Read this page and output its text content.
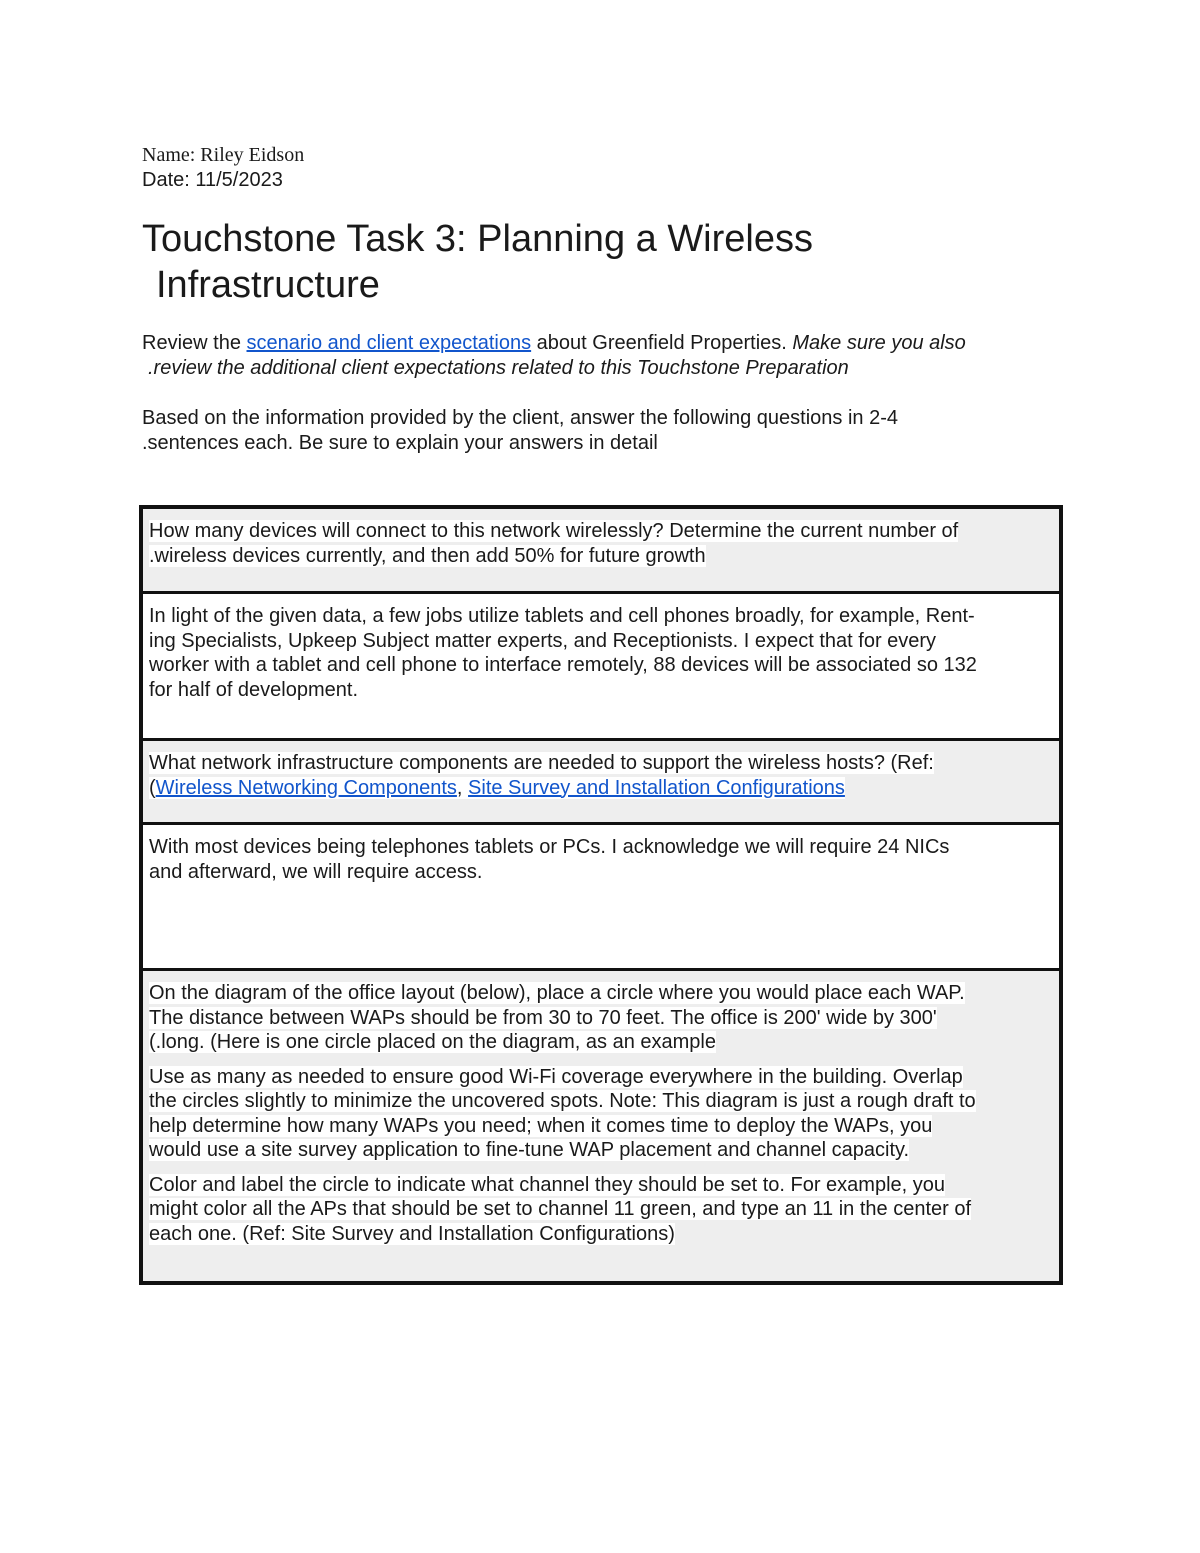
Name: Riley Eidson
Date: 11/5/2023
Touchstone Task 3: Planning a Wireless
Infrastructure
Review the scenario and client expectations about Greenfield Properties. Make sure you also
.review the additional client expectations related to this Touchstone Preparation
Based on the information provided by the client, answer the following questions in 2-4
.sentences each. Be sure to explain your answers in detail
How many devices will connect to this network wirelessly? Determine the current number of
.wireless devices currently, and then add 50% for future growth
In light of the given data, a few jobs utilize tablets and cell phones broadly, for example, Rent-
ing Specialists, Upkeep Subject matter experts, and Receptionists. I expect that for every
worker with a tablet and cell phone to interface remotely, 88 devices will be associated so 132
for half of development.
What network infrastructure components are needed to support the wireless hosts? (Ref:
(Wireless Networking Components, Site Survey and Installation Configurations
With most devices being telephones tablets or PCs. I acknowledge we will require 24 NICs
and afterward, we will require access.
On the diagram of the office layout (below), place a circle where you would place each WAP.
The distance between WAPs should be from 30 to 70 feet. The office is 200' wide by 300'
(.long. (Here is one circle placed on the diagram, as an example
Use as many as needed to ensure good Wi-Fi coverage everywhere in the building. Overlap
the circles slightly to minimize the uncovered spots. Note: This diagram is just a rough draft to
help determine how many WAPs you need; when it comes time to deploy the WAPs, you
would use a site survey application to fine-tune WAP placement and channel capacity.
Color and label the circle to indicate what channel they should be set to. For example, you
might color all the APs that should be set to channel 11 green, and type an 11 in the center of
each one. (Ref: Site Survey and Installation Configurations)
